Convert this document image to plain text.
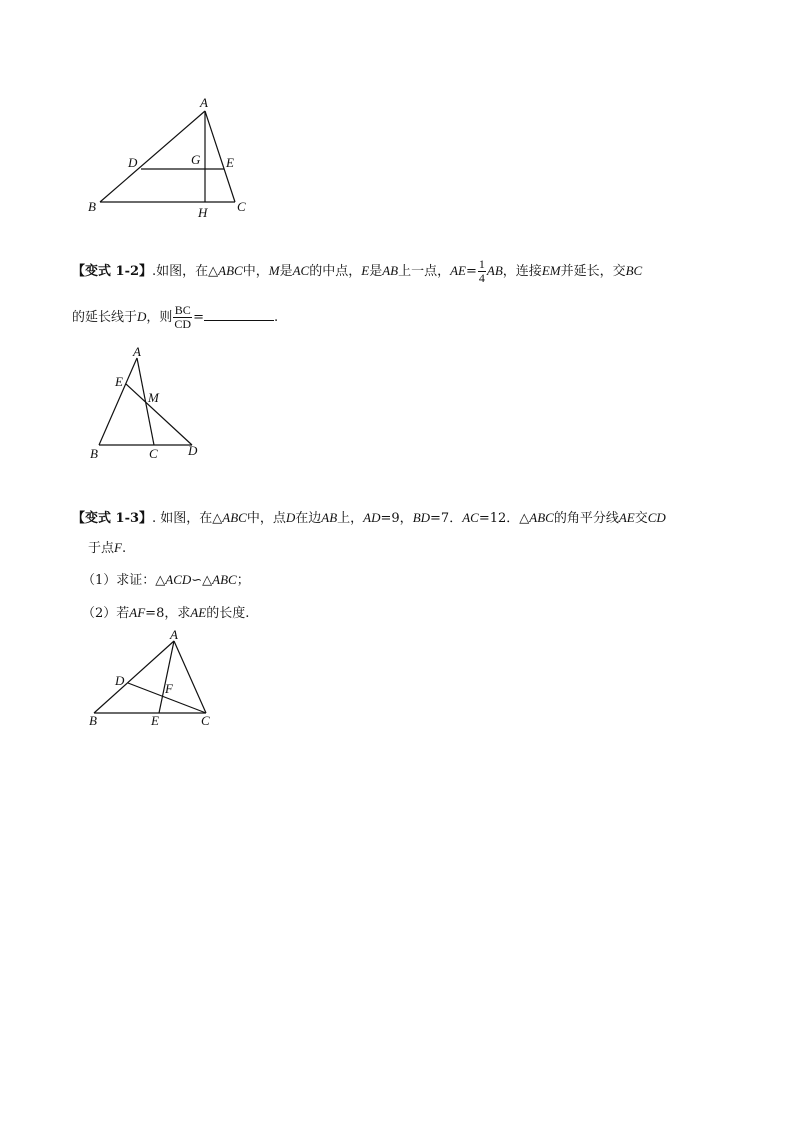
A
B	C
D	E
G
H
【变式 1-2】.如图，在△ABC中，M是AC的中点，E是AB上一点，$AE= \frac{1}{4}$ AB，连接EM并延长，交BC
的延长线于D，则 $\frac{BC}{CD}$ =	.
A
E
M
B	C D
【变式 1-3】. 如图，在△ABC中，点D在边AB上，AD=9，BD=7．AC=12．△ABC的角平分线AE交CD
于点F.
（1）求证：△ACD∽△ABC；
（2）若AF=8，求AE的长度.
A
D
F
B	E	C
